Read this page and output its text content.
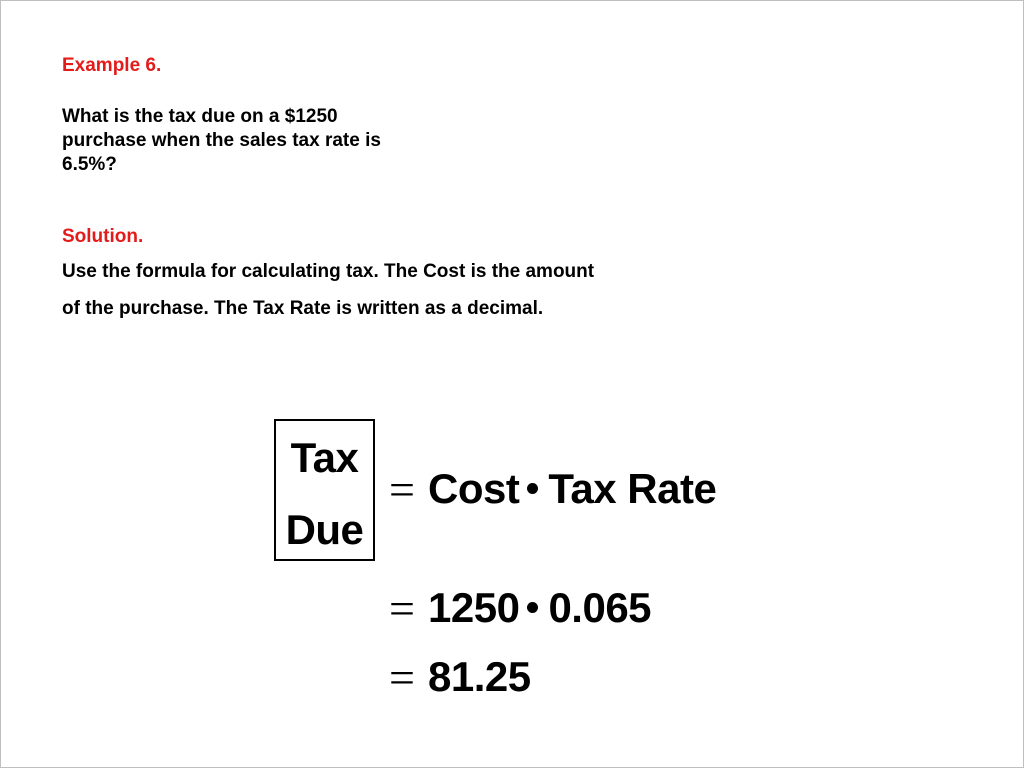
Example 6.

What is the tax due on a $1250

purchase when the sales tax rate is

6.5%?

Solution.

Use the formula for calculating tax. The Cost is the amount

of the purchase. The Tax Rate is written as a decimal.

Tax
Due
= Cost Tax Rate
= 1250 0.065
= 81.25
